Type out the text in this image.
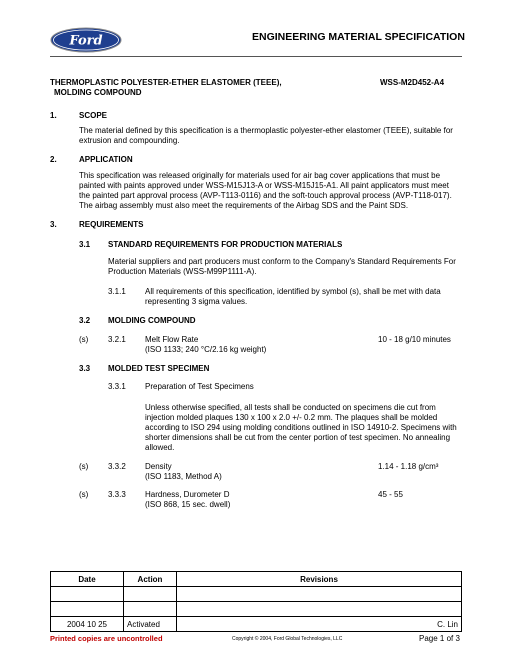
Ford	ENGINEERING MATERIAL SPECIFICATION
THERMOPLASTIC POLYESTER-ETHER ELASTOMER (TEEE),
MOLDING COMPOUND
WSS-M2D452-A4
1.	SCOPE
The material defined by this specification is a thermoplastic polyester-ether elastomer (TEEE), suitable for
extrusion and compounding.
2.	APPLICATION
This specification was released originally for materials used for air bag cover applications that must be
painted with paints approved under WSS-M15J13-A or WSS-M15J15-A1. All paint applicators must meet
the painted part approval process (AVP-T113-0116) and the soft-touch approval process (AVP-T118-017).
The airbag assembly must also meet the requirements of the Airbag SDS and the Paint SDS.
3.	REQUIREMENTS
3.1 STANDARD REQUIREMENTS FOR PRODUCTION MATERIALS
Material suppliers and part producers must conform to the Company's Standard Requirements For
Production Materials (WSS-M99P1111-A).
3.1.1 All requirements of this specification, identified by symbol (s), shall be met with data
representing 3 sigma values.
3.2 MOLDING COMPOUND
(s) 3.2.1 Melt Flow Rate
(ISO 1133; 240 °C/2.16 kg weight)
10 - 18 g/10 minutes
3.3 MOLDED TEST SPECIMEN
3.3.1 Preparation of Test Specimens
Unless otherwise specified, all tests shall be conducted on specimens die cut from
injection molded plaques 130 x 100 x 2.0 +/- 0.2 mm. The plaques shall be molded
according to ISO 294 using molding conditions outlined in ISO 14910-2. Specimens with
shorter dimensions shall be cut from the center portion of test specimen. No annealing
allowed.
(s) 3.3.2 Density
(ISO 1183, Method A)
1.14 - 1.18 g/cm³
(s) 3.3.3 Hardness, Durometer D
(ISO 868, 15 sec. dwell)
45 - 55
Date	Action	Revisions

2004 10 25	Activated	C. Lin
Printed copies are uncontrolled	Copyright © 2004, Ford Global Technologies, LLC	Page 1 of 3
